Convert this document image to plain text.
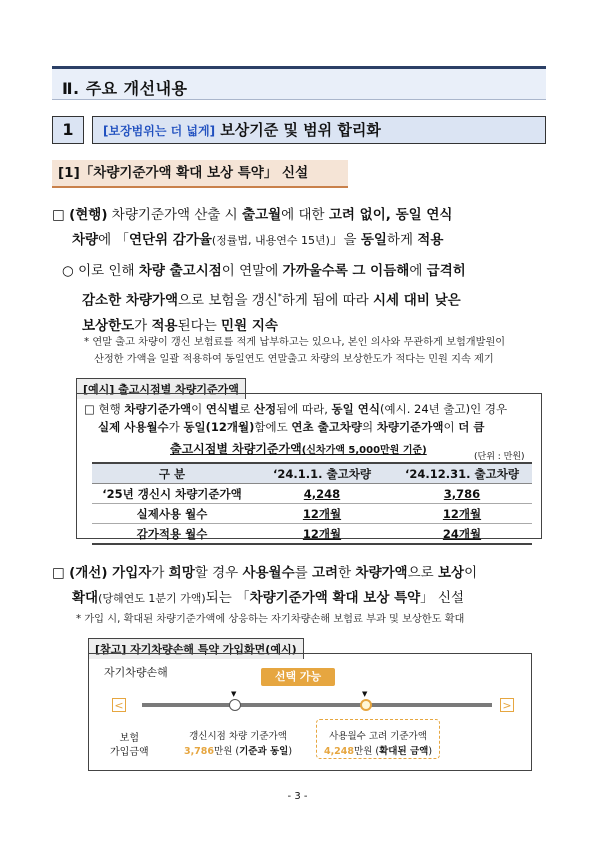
Ⅱ. 주요 개선내용
1	[보장범위는 더 넓게] 보상기준 및 범위 합리화
[1]「차량기준가액 확대 보상 특약」 신설
□ (현행) 차량기준가액 산출 시 출고월에 대한 고려 없이, 동일 연식
차량에 「연단위 감가율(정률법, 내용연수 15년)」을 동일하게 적용
○ 이로 인해 차량 출고시점이 연말에 가까울수록 그 이듬해에 급격히
감소한 차량가액으로 보험을 갱신*하게 됨에 따라 시세 대비 낮은
보상한도가 적용된다는 민원 지속
* 연말 출고 차량이 갱신 보험료를 적게 납부하고는 있으나, 본인 의사와 무관하게 보험개발원이
산정한 가액을 일괄 적용하여 동일연도 연말출고 차량의 보상한도가 적다는 민원 지속 제기
[예시] 출고시점별 차량기준가액
□ 현행 차량기준가액이 연식별로 산정됨에 따라, 동일 연식(예시. 24년 출고)인 경우
실제 사용월수가 동일(12개월)함에도 연초 출고차량의 차량기준가액이 더 큼
출고시점별 차량기준가액(신차가액 5,000만원 기준)
(단위 : 만원)
구 분	‘24.1.1. 출고차량	‘24.12.31. 출고차량
‘25년 갱신시 차량기준가액	4,248	3,786
실제사용 월수	12개월	12개월
감가적용 월수	12개월	24개월
□ (개선) 가입자가 희망할 경우 사용월수를 고려한 차량가액으로 보상이
확대(당해연도 1분기 가액)되는 「차량기준가액 확대 보상 특약」 신설
* 가입 시, 확대된 차량기준가액에 상응하는 자기차량손해 보험료 부과 및 보상한도 확대
[참고] 자기차량손해 특약 가입화면(예시)
자기차량손해	선택 가능
<	>
▼	▼
보험
가입금액
갱신시점 차량 기준가액
3,786만원 (기준과 동일)
사용월수 고려 기준가액
4,248만원 (확대된 금액)
- 3 -
